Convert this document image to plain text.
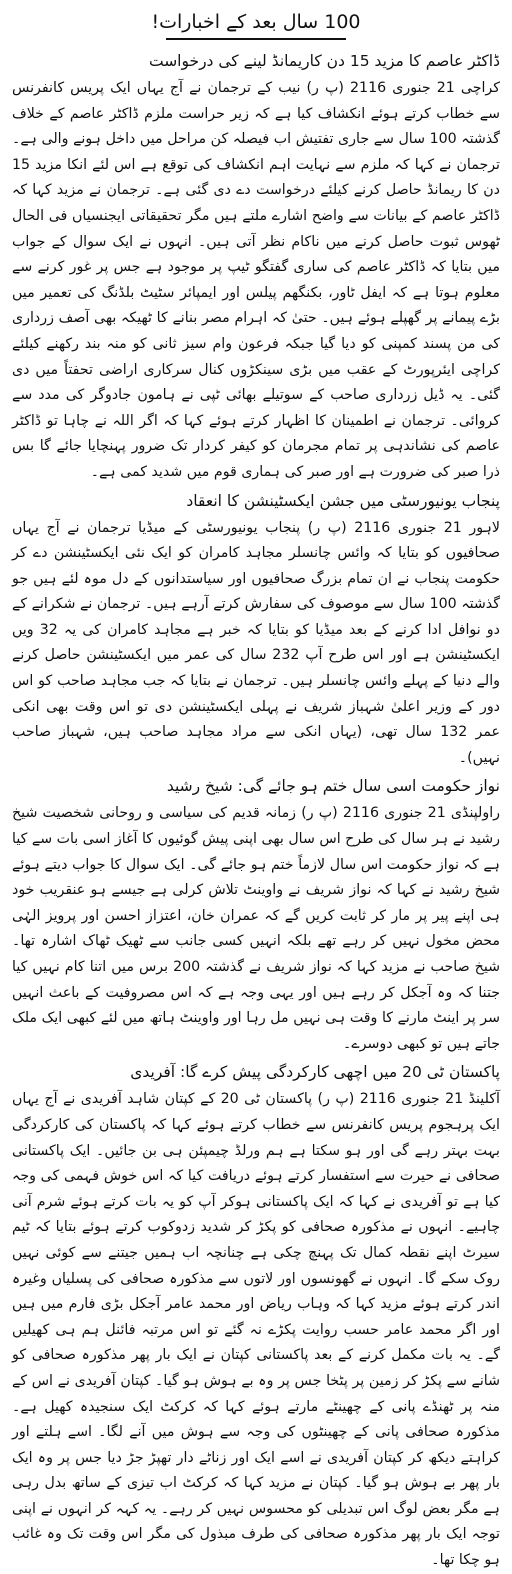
100 سال بعد کے اخبارات!
ڈاکٹر عاصم کا مزید 15 دن کاریمانڈ لینے کی درخواست
کراچی 21 جنوری 2116 (پ ر) نیب کے ترجمان نے آج یہاں ایک پریس کانفرنس سے خطاب کرتے ہوئے انکشاف کیا ہے کہ زیر حراست ملزم ڈاکٹر عاصم کے خلاف گذشتہ 100 سال سے جاری تفتیش اب فیصلہ کن مراحل میں داخل ہونے والی ہے۔ ترجمان نے کہا کہ ملزم سے نہایت اہم انکشاف کی توقع ہے اس لئے انکا مزید 15 دن کا ریمانڈ حاصل کرنے کیلئے درخواست دے دی گئی ہے۔ ترجمان نے مزید کہا کہ ڈاکٹر عاصم کے بیانات سے واضح اشارے ملتے ہیں مگر تحقیقاتی ایجنسیاں فی الحال ٹھوس ثبوت حاصل کرنے میں ناکام نظر آتی ہیں۔ انہوں نے ایک سوال کے جواب میں بتایا کہ ڈاکٹر عاصم کی ساری گفتگو ٹیپ پر موجود ہے جس پر غور کرنے سے معلوم ہوتا ہے کہ ایفل ٹاور، بکنگھم پیلس اور ایمپائر سٹیٹ بلڈنگ کی تعمیر میں بڑے پیمانے پر گھپلے ہوئے ہیں۔ حتیٰ کہ اہرام مصر بنانے کا ٹھیکہ بھی آصف زرداری کی من پسند کمپنی کو دیا گیا جبکہ فرعون وام سیز ثانی کو منہ بند رکھنے کیلئے کراچی ایئرپورٹ کے عقب میں بڑی سینکڑوں کنال سرکاری اراضی تحفتاً میں دی گئی۔ یہ ڈیل زرداری صاحب کے سوتیلے بھائی ٹپی نے ہامون جادوگر کی مدد سے کروائی۔ ترجمان نے اطمینان کا اظہار کرتے ہوئے کہا کہ اگر اللہ نے چاہا تو ڈاکٹر عاصم کی نشاندہی پر تمام مجرمان کو کیفر کردار تک ضرور پہنچایا جائے گا بس ذرا صبر کی ضرورت ہے اور صبر کی ہماری قوم میں شدید کمی ہے۔
پنجاب یونیورسٹی میں جشن ایکسٹینشن کا انعقاد
لاہور 21 جنوری 2116 (پ ر) پنجاب یونیورسٹی کے میڈیا ترجمان نے آج یہاں صحافیوں کو بتایا کہ وائس چانسلر مجاہد کامران کو ایک نئی ایکسٹینشن دے کر حکومت پنجاب نے ان تمام بزرگ صحافیوں اور سیاستدانوں کے دل موہ لئے ہیں جو گذشتہ 100 سال سے موصوف کی سفارش کرتے آرہے ہیں۔ ترجمان نے شکرانے کے دو نوافل ادا کرنے کے بعد میڈیا کو بتایا کہ خبر ہے مجاہد کامران کی یہ 32 ویں ایکسٹینشن ہے اور اس طرح آپ 232 سال کی عمر میں ایکسٹینشن حاصل کرنے والے دنیا کے پہلے وائس چانسلر ہیں۔ ترجمان نے بتایا کہ جب مجاہد صاحب کو اس دور کے وزیر اعلیٰ شہباز شریف نے پہلی ایکسٹینشن دی تو اس وقت بھی انکی عمر 132 سال تھی، (یہاں انکی سے مراد مجاہد صاحب ہیں، شہباز صاحب نہیں)۔
نواز حکومت اسی سال ختم ہو جائے گی: شیخ رشید
راولپنڈی 21 جنوری 2116 (پ ر) زمانہ قدیم کی سیاسی و روحانی شخصیت شیخ رشید نے ہر سال کی طرح اس سال بھی اپنی پیش گوئیوں کا آغاز اسی بات سے کیا ہے کہ نواز حکومت اس سال لازماً ختم ہو جائے گی۔ ایک سوال کا جواب دیتے ہوئے شیخ رشید نے کہا کہ نواز شریف نے واوینٹ تلاش کرلی ہے جیسے ہو عنقریب خود ہی اپنے پیر پر مار کر ثابت کریں گے کہ عمران خان، اعتزاز احسن اور پرویز الہٰی محض مخول نہیں کر رہے تھے بلکہ انہیں کسی جانب سے ٹھیک ٹھاک اشارہ تھا۔ شیخ صاحب نے مزید کہا کہ نواز شریف نے گذشتہ 200 برس میں اتنا کام نہیں کیا جتنا کہ وہ آجکل کر رہے ہیں اور یہی وجہ ہے کہ اس مصروفیت کے باعث انہیں سر پر اینٹ مارنے کا وقت ہی نہیں مل رہا اور واوینٹ ہاتھ میں لئے کبھی ایک ملک جاتے ہیں تو کبھی دوسرے۔
پاکستان ٹی 20 میں اچھی کارکردگی پیش کرے گا: آفریدی
آکلینڈ 21 جنوری 2116 (پ ر) پاکستان ٹی 20 کے کپتان شاہد آفریدی نے آج یہاں ایک پرہجوم پریس کانفرنس سے خطاب کرتے ہوئے کہا کہ پاکستان کی کارکردگی بہت بہتر رہے گی اور ہو سکتا ہے ہم ورلڈ چیمپئن ہی بن جائیں۔ ایک پاکستانی صحافی نے حیرت سے استفسار کرتے ہوئے دریافت کیا کہ اس خوش فہمی کی وجہ کیا ہے تو آفریدی نے کہا کہ ایک پاکستانی ہوکر آپ کو یہ بات کرتے ہوئے شرم آنی چاہیے۔ انہوں نے مذکورہ صحافی کو پکڑ کر شدید زدوکوب کرتے ہوئے بتایا کہ ٹیم سیرٹ اپنے نقطہ کمال تک پہنچ چکی ہے چنانچہ اب ہمیں جیتنے سے کوئی نہیں روک سکے گا۔ انہوں نے گھونسوں اور لاتوں سے مذکورہ صحافی کی پسلیاں وغیرہ اندر کرتے ہوئے مزید کہا کہ وہاب ریاض اور محمد عامر آجکل بڑی فارم میں ہیں اور اگر محمد عامر حسب روایت پکڑے نہ گئے تو اس مرتبہ فائنل ہم ہی کھیلیں گے۔ یہ بات مکمل کرنے کے بعد پاکستانی کپتان نے ایک بار پھر مذکورہ صحافی کو شانے سے پکڑ کر زمین پر پٹخا جس پر وہ بے ہوش ہو گیا۔ کپتان آفریدی نے اس کے منہ پر ٹھنڈے پانی کے چھینٹے مارتے ہوئے کہا کہ کرکٹ ایک سنجیدہ کھیل ہے۔ مذکورہ صحافی پانی کے چھینٹوں کی وجہ سے ہوش میں آنے لگا۔ اسے ہلتے اور کراہتے دیکھ کر کپتان آفریدی نے اسے ایک اور زناٹے دار تھپڑ جڑ دیا جس پر وہ ایک بار پھر بے ہوش ہو گیا۔ کپتان نے مزید کہا کہ کرکٹ اب تیزی کے ساتھ بدل رہی ہے مگر بعض لوگ اس تبدیلی کو محسوس نہیں کر رہے۔ یہ کہہ کر انہوں نے اپنی توجہ ایک بار پھر مذکورہ صحافی کی طرف مبذول کی مگر اس وقت تک وہ غائب ہو چکا تھا۔
